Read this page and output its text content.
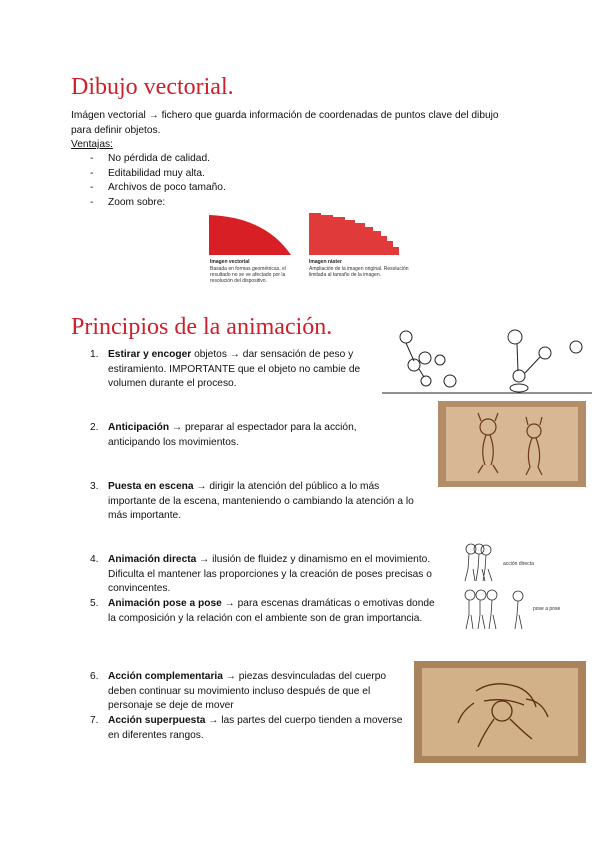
Dibujo vectorial.

Imágen vectorial → fichero que guarda información de coordenadas de puntos clave del dibujo para definir objetos.

Ventajas:

- No pérdida de calidad.
- Editabilidad muy alta.
- Archivos de poco tamaño.
- Zoom sobre:
Imagen vectorial
Basada en formas geométricas, el resultado no se ve afectado por la resolución del dispositivo.
Imagen ráster
Ampliación de la imagen original. Resolución limitada al tamaño de la imagen.
Principios de la animación.
1. Estirar y encoger objetos → dar sensación de peso y estiramiento. IMPORTANTE que el objeto no cambie de volumen durante el proceso.
2. Anticipación → preparar al espectador para la acción, anticipando los movimientos.
3. Puesta en escena → dirigir la atención del público a lo más importante de la escena, manteniendo o cambiando la atención a lo más importante.
4. Animación directa → ilusión de fluidez y dinamismo en el movimiento. Dificulta el mantener las proporciones y la creación de poses precisas o convincentes.
5. Animación pose a pose → para escenas dramáticas o emotivas donde la composición y la relación con el ambiente son de gran importancia.
6. Acción complementaria → piezas desvinculadas del cuerpo deben continuar su movimiento incluso después de que el personaje se deje de mover
7. Acción superpuesta → las partes del cuerpo tienden a moverse en diferentes rangos.
acción directa
pose a pose
